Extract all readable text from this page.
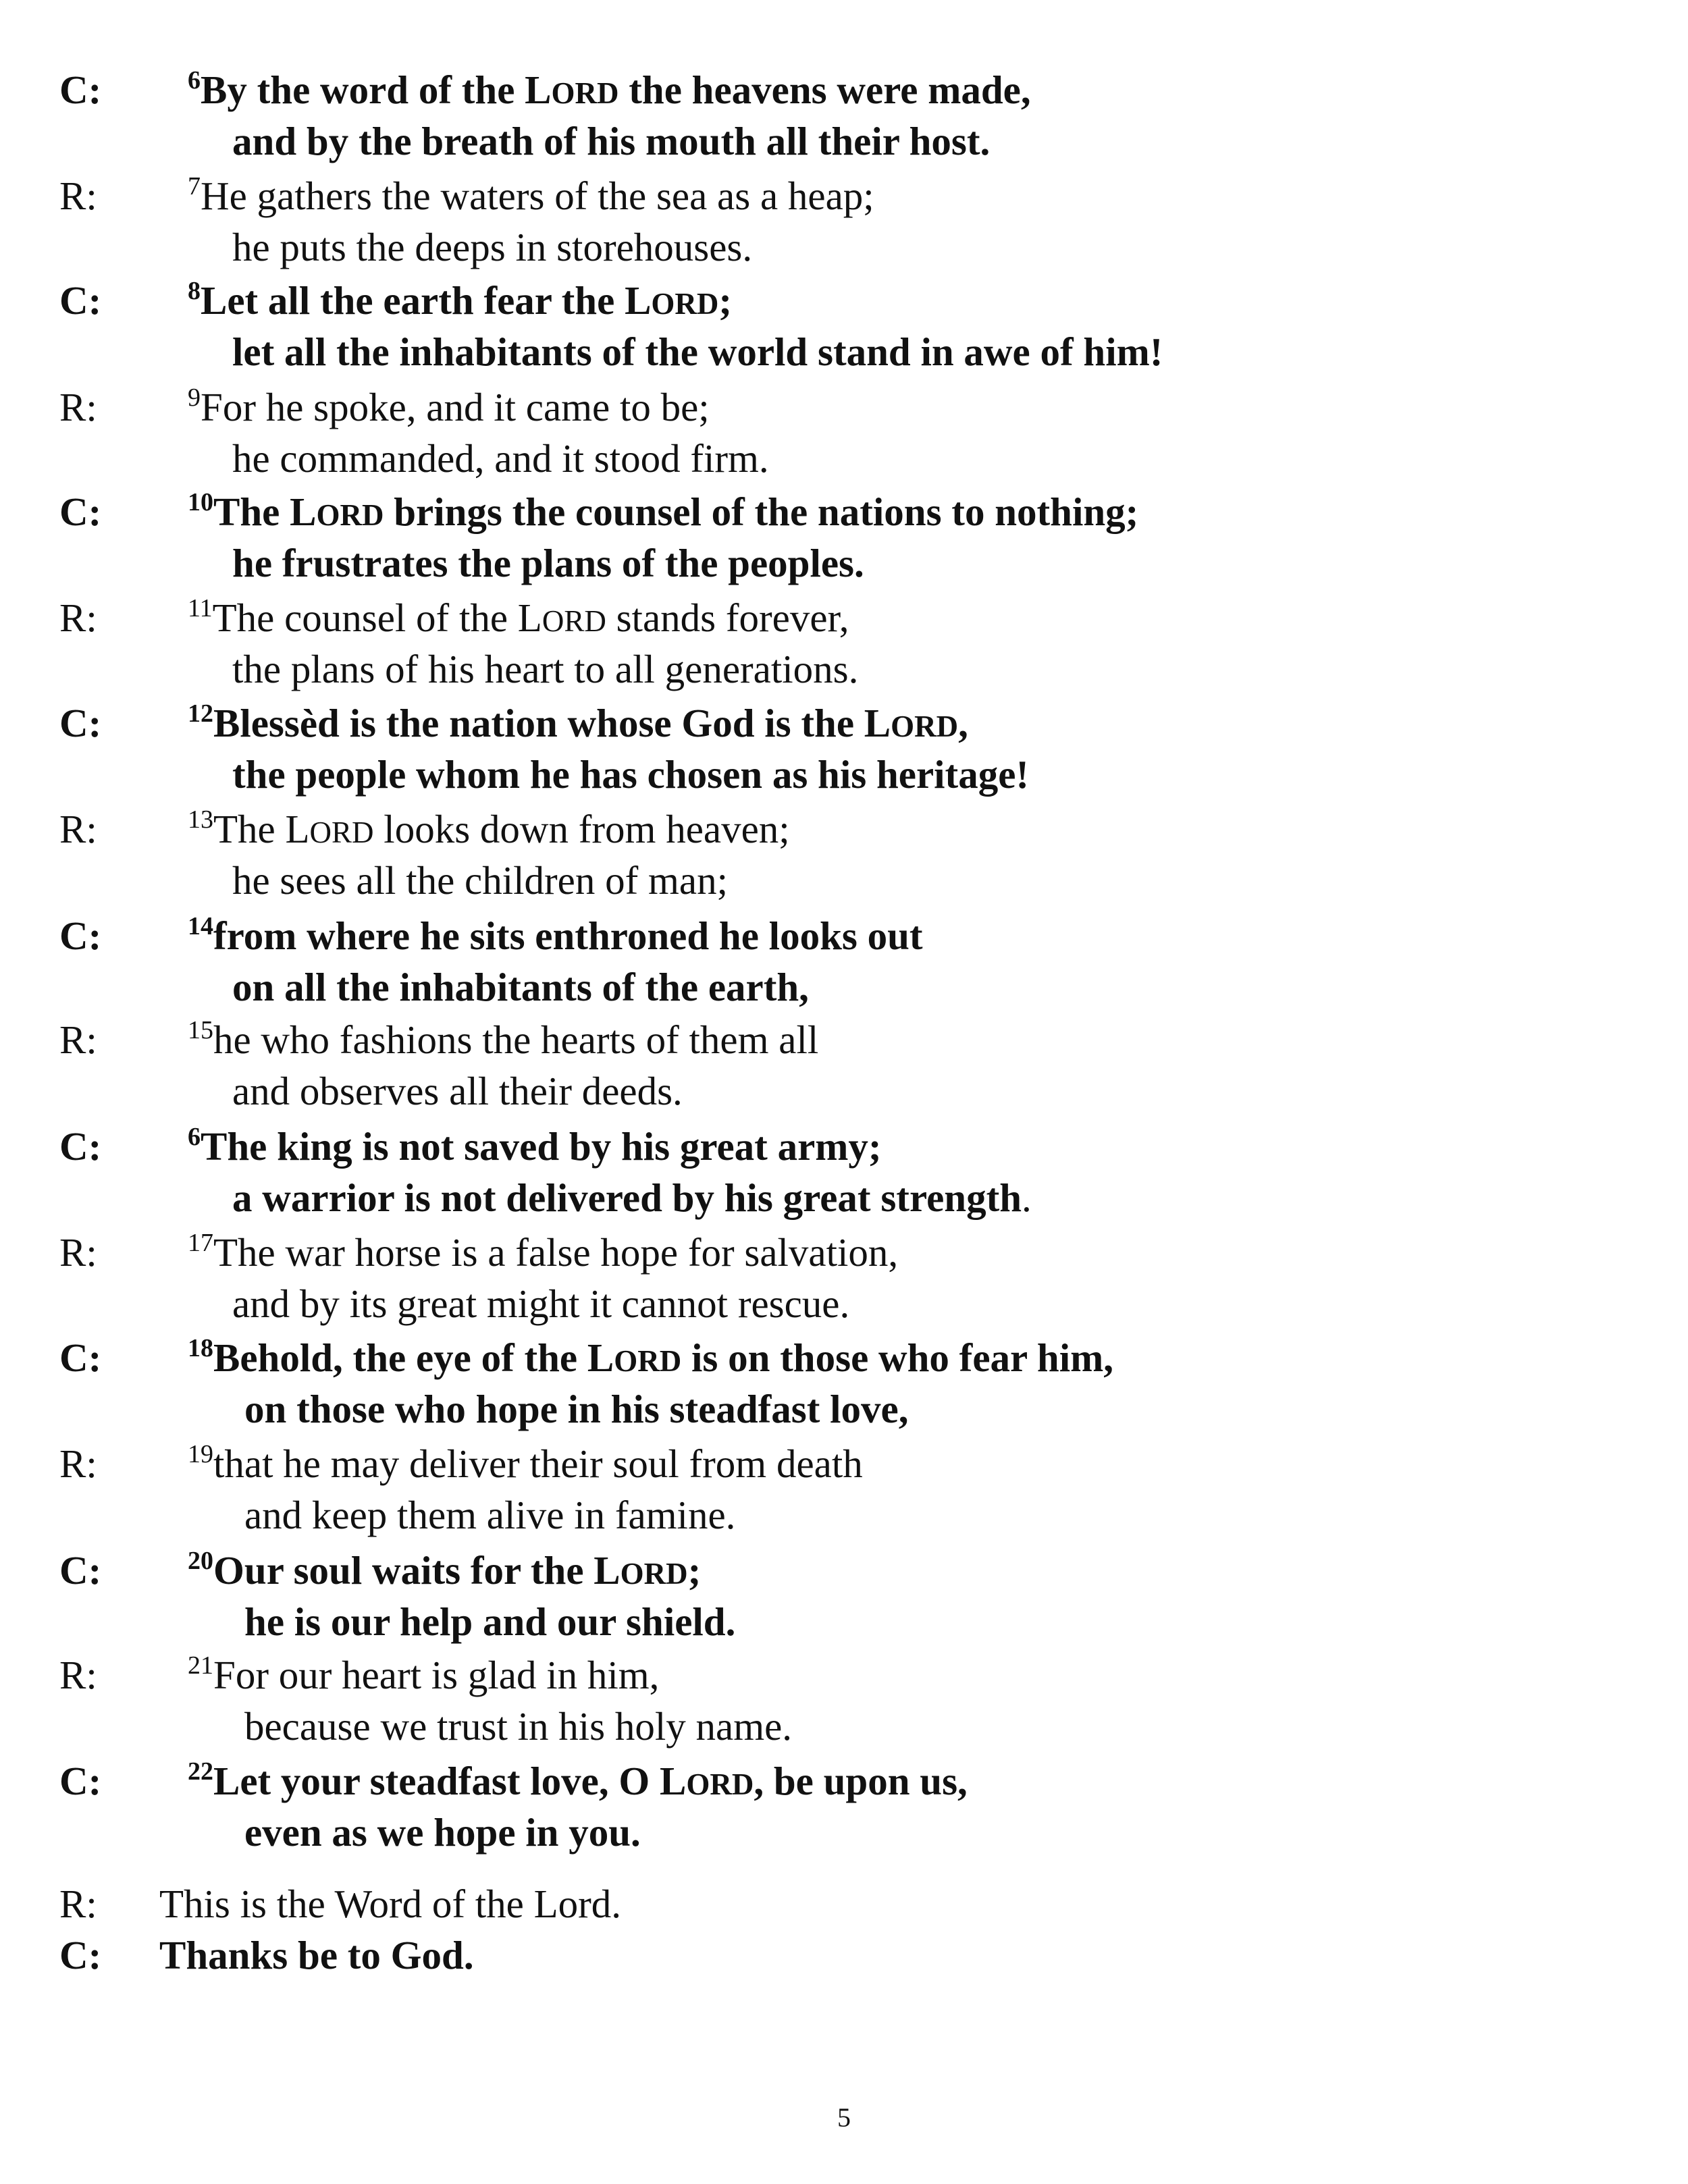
C:	$^6$By the word of the LORD the heavens were made,
and by the breath of his mouth all their host.
R:	$^7$He gathers the waters of the sea as a heap;
he puts the deeps in storehouses.
C:	$^8$Let all the earth fear the LORD;
let all the inhabitants of the world stand in awe of him!
R:	$^9$For he spoke, and it came to be;
he commanded, and it stood firm.
C:	$^{10}$The LORD brings the counsel of the nations to nothing;
he frustrates the plans of the peoples.
R:	$^{11}$The counsel of the LORD stands forever,
the plans of his heart to all generations.
C:	$^{12}$Blessèd is the nation whose God is the LORD,
the people whom he has chosen as his heritage!
R:	$^{13}$The LORD looks down from heaven;
he sees all the children of man;
C:	$^{14}$from where he sits enthroned he looks out
on all the inhabitants of the earth,
R:	$^{15}$he who fashions the hearts of them all
and observes all their deeds.
C:	$^6$The king is not saved by his great army;
a warrior is not delivered by his great strength.
R:	$^{17}$The war horse is a false hope for salvation,
and by its great might it cannot rescue.
C:	$^{18}$Behold, the eye of the LORD is on those who fear him,
on those who hope in his steadfast love,
R:	$^{19}$that he may deliver their soul from death
and keep them alive in famine.
C:	$^{20}$Our soul waits for the LORD;
he is our help and our shield.
R:	$^{21}$For our heart is glad in him,
because we trust in his holy name.
C:	$^{22}$Let your steadfast love, O LORD, be upon us,
even as we hope in you.
R: This is the Word of the Lord.
C: Thanks be to God.
5
